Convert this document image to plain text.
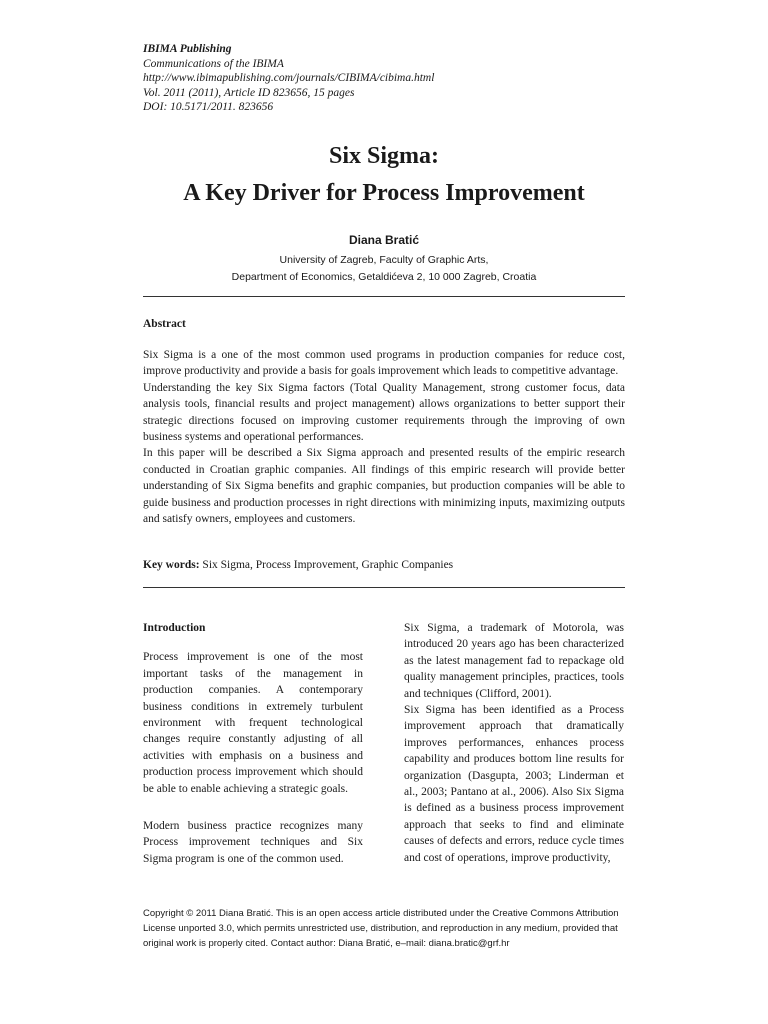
IBIMA Publishing
Communications of the IBIMA
http://www.ibimapublishing.com/journals/CIBIMA/cibima.html
Vol. 2011 (2011), Article ID 823656, 15 pages
DOI: 10.5171/2011. 823656
Six Sigma:
A Key Driver for Process Improvement
Diana Bratić
University of Zagreb, Faculty of Graphic Arts,
Department of Economics, Getaldićeva 2, 10 000 Zagreb, Croatia
Abstract

Six Sigma is a one of the most common used programs in production companies for reduce cost, improve productivity and provide a basis for goals improvement which leads to competitive advantage.

Understanding the key Six Sigma factors (Total Quality Management, strong customer focus, data analysis tools, financial results and project management) allows organizations to better support their strategic directions focused on improving customer requirements through the improving of own business systems and operational performances.

In this paper will be described a Six Sigma approach and presented results of the empiric research conducted in Croatian graphic companies. All findings of this empiric research will provide better understanding of Six Sigma benefits and graphic companies, but production companies will be able to guide business and production processes in right directions with minimizing inputs, maximizing outputs and satisfy owners, employees and customers.

Key words: Six Sigma, Process Improvement, Graphic Companies

Introduction

Process improvement is one of the most important tasks of the management in production companies. A contemporary business conditions in extremely turbulent environment with frequent technological changes require constantly adjusting of all activities with emphasis on a business and production process improvement which should be able to enable achieving a strategic goals.

Modern business practice recognizes many Process improvement techniques and Six Sigma program is one of the common used.

Six Sigma, a trademark of Motorola, was introduced 20 years ago has been characterized as the latest management fad to repackage old quality management principles, practices, tools and techniques (Clifford, 2001).

Six Sigma has been identified as a Process improvement approach that dramatically improves performances, enhances process capability and produces bottom line results for organization (Dasgupta, 2003; Linderman et al., 2003; Pantano at al., 2006). Also Six Sigma is defined as a business process improvement approach that seeks to find and eliminate causes of defects and errors, reduce cycle times and cost of operations, improve productivity,

Copyright © 2011 Diana Bratić. This is an open access article distributed under the Creative Commons Attribution License unported 3.0, which permits unrestricted use, distribution, and reproduction in any medium, provided that original work is properly cited. Contact author: Diana Bratić, e–mail: diana.bratic@grf.hr
